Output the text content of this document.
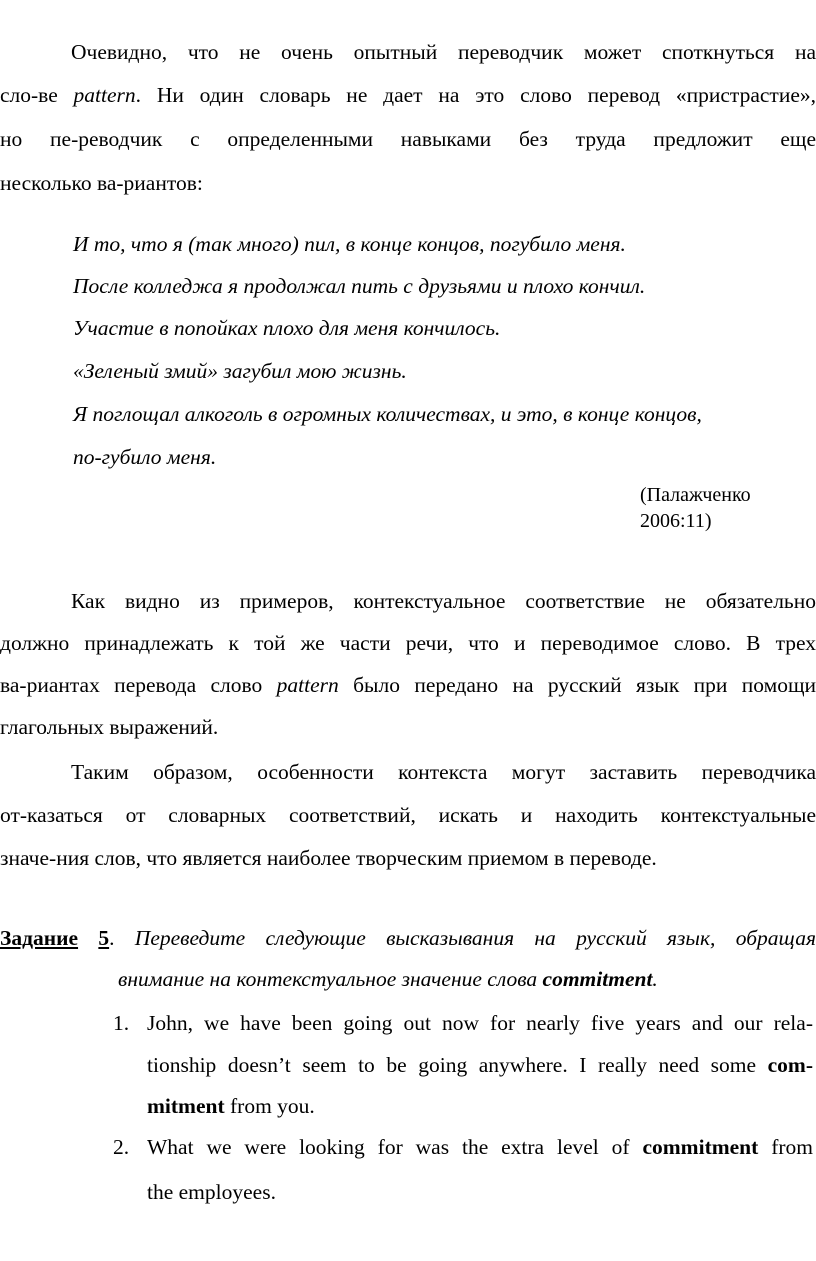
Очевидно, что не очень опытный переводчик может споткнуться на
сло-ве pattern. Ни один словарь не дает на это слово перевод «пристрастие»,
но пе-реводчик с определенными навыками без труда предложит еще
несколько ва-риантов:
И то, что я (так много) пил, в конце концов, погубило меня.
После колледжа я продолжал пить с друзьями и плохо кончил.
Участие в попойках плохо для меня кончилось.
«Зеленый змий» загубил мою жизнь.
Я поглощал алкоголь в огромных количествах, и это, в конце концов,
по-губило меня.
(Палажченко
2006:11)
Как видно из примеров, контекстуальное соответствие не обязательно
должно принадлежать к той же части речи, что и переводимое слово. В трех
ва-риантах перевода слово pattern было передано на русский язык при помощи
глагольных выражений.
Таким образом, особенности контекста могут заставить переводчика
от-казаться от словарных соответствий, искать и находить контекстуальные
значе-ния слов, что является наиболее творческим приемом в переводе.
Задание 5. Переведите следующие высказывания на русский язык, обращая
внимание на контекстуальное значение слова commitment.
1. John, we have been going out now for nearly five years and our rela-
tionship doesn’t seem to be going anywhere. I really need some com-
mitment from you.
2. What we were looking for was the extra level of commitment from
the employees.
